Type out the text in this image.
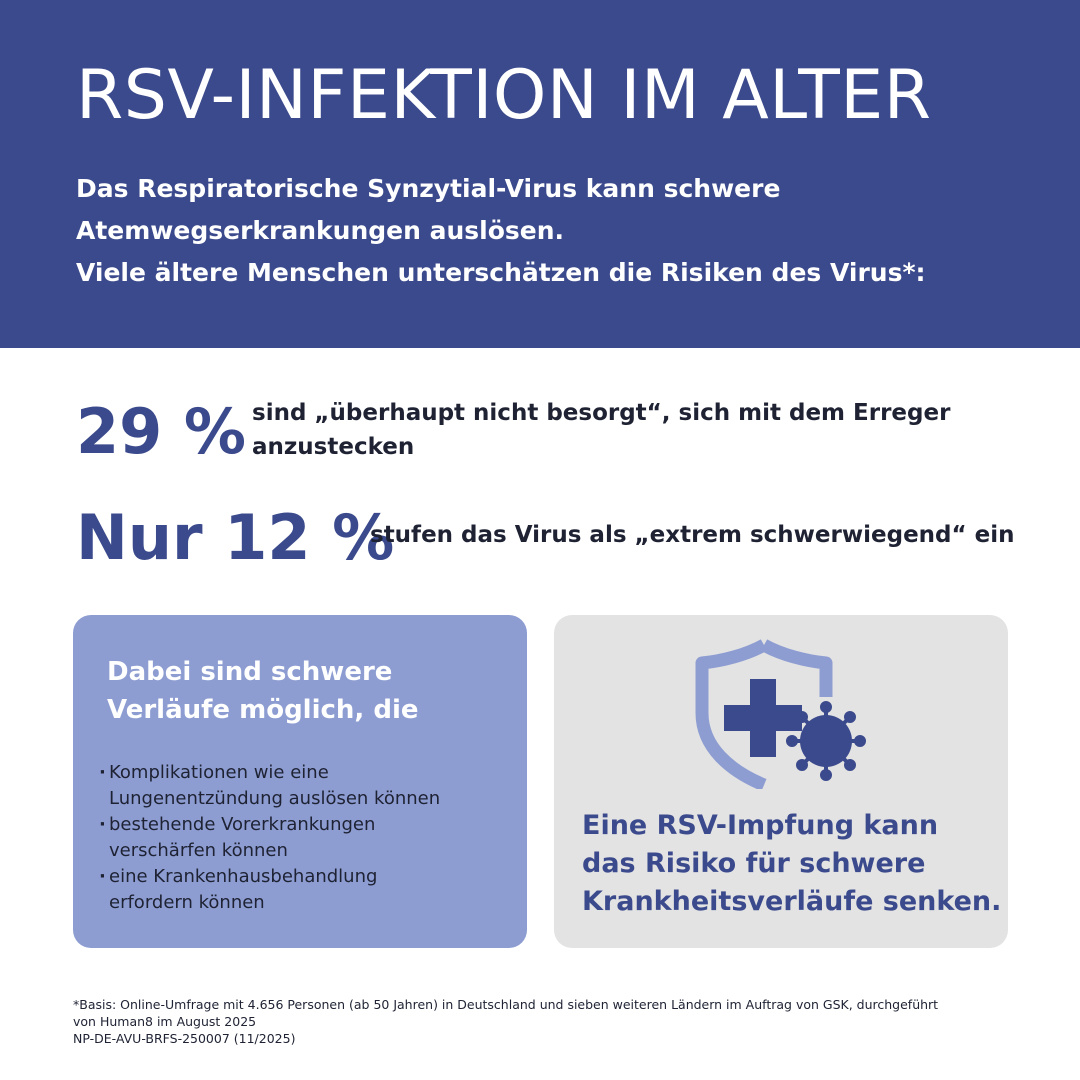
RSV-INFEKTION IM ALTER
Das Respiratorische Synzytial-Virus kann schwere
Atemwegserkrankungen auslösen.
Viele ältere Menschen unterschätzen die Risiken des Virus*:
29 % sind „überhaupt nicht besorgt“, sich mit dem Erreger
anzustecken
Nur 12 %
stufen das Virus als „extrem schwerwiegend“ ein
Dabei sind schwere
Verläufe möglich, die
· Komplikationen wie eine
Lungenentzündung auslösen können
· bestehende Vorerkrankungen
verschärfen können
· eine Krankenhausbehandlung
erfordern können
Eine RSV-Impfung kann
das Risiko für schwere
Krankheitsverläufe senken.
*Basis: Online-Umfrage mit 4.656 Personen (ab 50 Jahren) in Deutschland und sieben weiteren Ländern im Auftrag von GSK, durchgeführt
von Human8 im August 2025
NP-DE-AVU-BRFS-250007 (11/2025)
